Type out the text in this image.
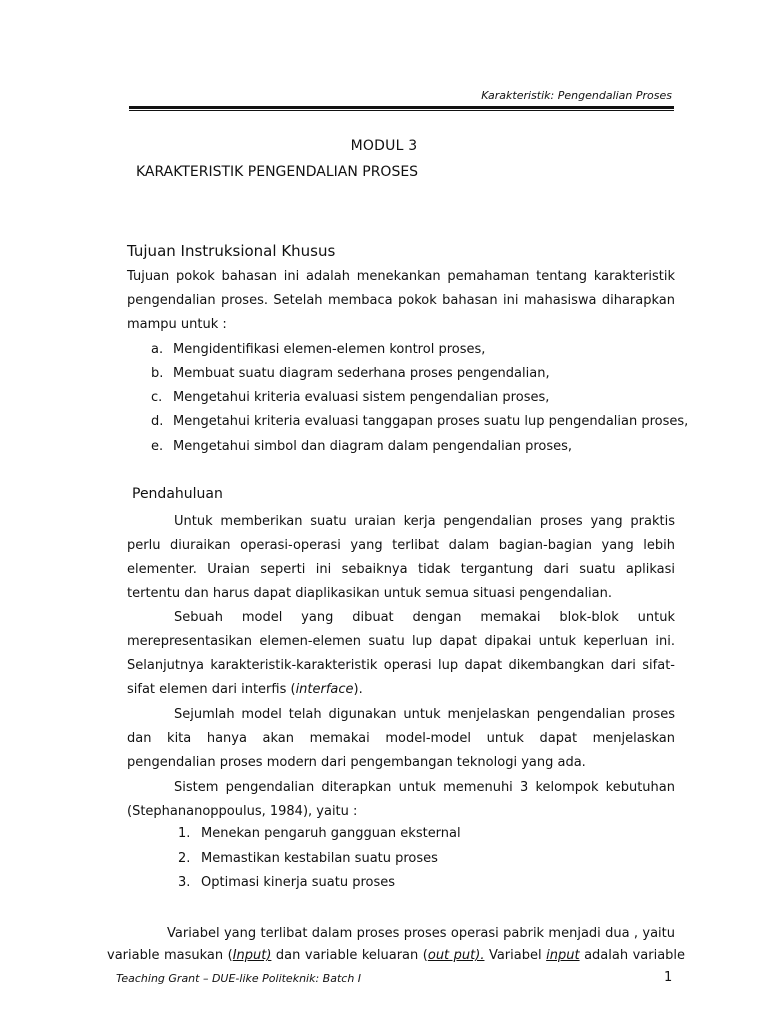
Karakteristik: Pengendalian Proses
MODUL 3
KARAKTERISTIK PENGENDALIAN PROSES
Tujuan Instruksional Khusus
Tujuan pokok bahasan ini adalah menekankan pemahaman tentang karakteristik pengendalian proses. Setelah membaca pokok bahasan ini mahasiswa diharapkan mampu untuk :
a. Mengidentifikasi elemen-elemen kontrol proses,
b. Membuat suatu diagram sederhana proses pengendalian,
c. Mengetahui kriteria evaluasi sistem pengendalian proses,
d. Mengetahui kriteria evaluasi tanggapan proses suatu lup pengendalian proses,
e. Mengetahui simbol dan diagram dalam pengendalian proses,
Pendahuluan
Untuk memberikan suatu uraian kerja pengendalian proses yang praktis perlu diuraikan operasi-operasi yang terlibat dalam bagian-bagian yang lebih elementer. Uraian seperti ini sebaiknya tidak tergantung dari suatu aplikasi tertentu dan harus dapat diaplikasikan untuk semua situasi pengendalian.
Sebuah model yang dibuat dengan memakai blok-blok untuk merepresentasikan elemen-elemen suatu lup dapat dipakai untuk keperluan ini. Selanjutnya karakteristik-karakteristik operasi lup dapat dikembangkan dari sifat-sifat elemen dari interfis (interface).
Sejumlah model telah digunakan untuk menjelaskan pengendalian proses dan kita hanya akan memakai model-model untuk dapat menjelaskan pengendalian proses modern dari pengembangan teknologi yang ada.
Sistem pengendalian diterapkan untuk memenuhi 3 kelompok kebutuhan (Stephananoppoulus, 1984), yaitu :
1. Menekan pengaruh gangguan eksternal
2. Memastikan kestabilan suatu proses
3. Optimasi kinerja suatu proses
Variabel yang terlibat dalam proses proses operasi pabrik menjadi dua , yaitu
variable masukan (Input) dan variable keluaran (out put). Variabel input adalah variable
Teaching Grant – DUE-like Politeknik: Batch I	1
